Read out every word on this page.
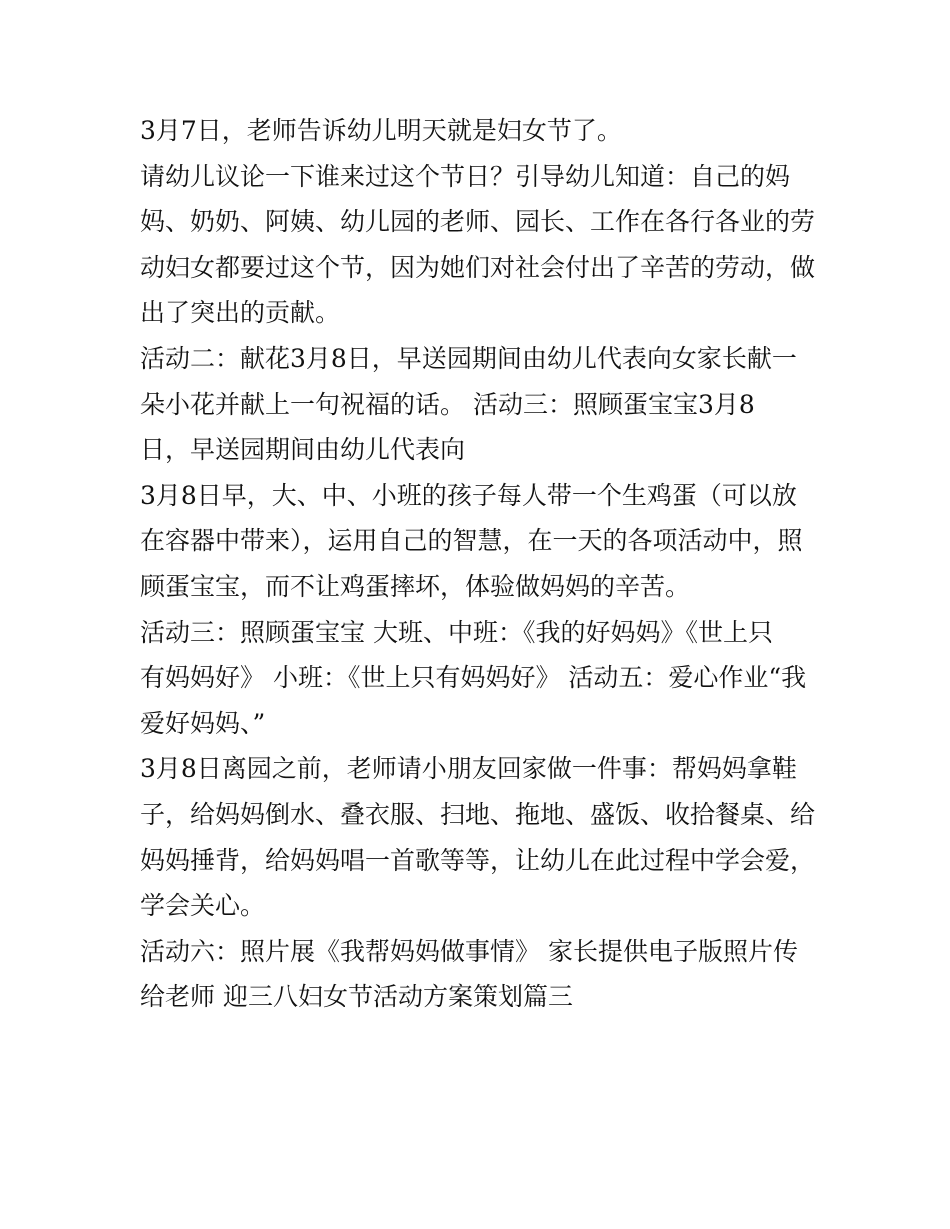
3月7日，老师告诉幼儿明天就是妇女节了。
请幼儿议论一下谁来过这个节日？引导幼儿知道：自己的妈
妈、奶奶、阿姨、幼儿园的老师、园长、工作在各行各业的劳
动妇女都要过这个节，因为她们对社会付出了辛苦的劳动，做
出了突出的贡献。
活动二：献花3月8日，早送园期间由幼儿代表向女家长献一
朵小花并献上一句祝福的话。 活动三：照顾蛋宝宝3月8
日，早送园期间由幼儿代表向
3月8日早，大、中、小班的孩子每人带一个生鸡蛋（可以放
在容器中带来），运用自己的智慧，在一天的各项活动中，照
顾蛋宝宝，而不让鸡蛋摔坏，体验做妈妈的辛苦。
活动三：照顾蛋宝宝 大班、中班：《我的好妈妈》《世上只
有妈妈好》 小班：《世上只有妈妈好》 活动五：爱心作业“我
爱好妈妈、”
3月8日离园之前，老师请小朋友回家做一件事：帮妈妈拿鞋
子，给妈妈倒水、叠衣服、扫地、拖地、盛饭、收拾餐桌、给
妈妈捶背，给妈妈唱一首歌等等，让幼儿在此过程中学会爱，
学会关心。
活动六：照片展《我帮妈妈做事情》 家长提供电子版照片传
给老师 迎三八妇女节活动方案策划篇三
